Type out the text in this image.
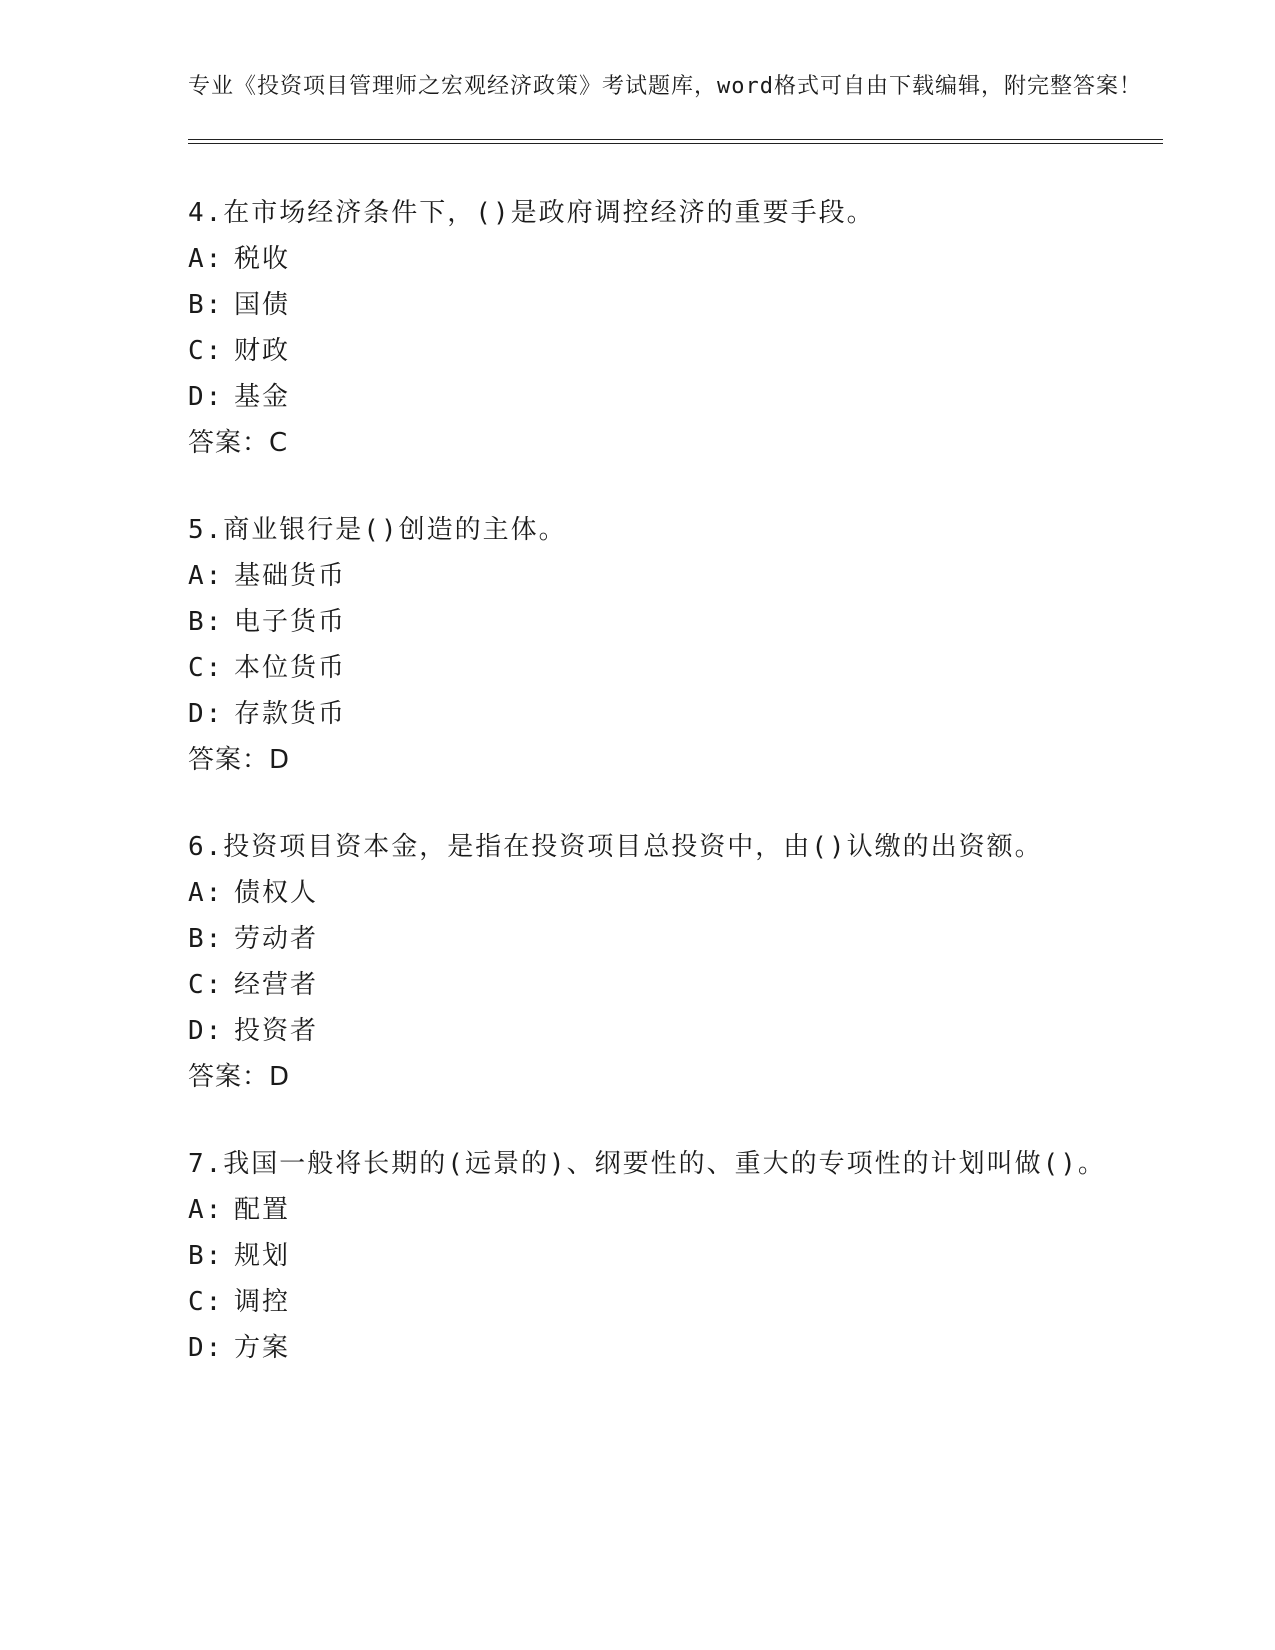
专业《投资项目管理师之宏观经济政策》考试题库，word格式可自由下载编辑，附完整答案！
4.在市场经济条件下，()是政府调控经济的重要手段。
A: 税收
B: 国债
C: 财政
D: 基金
答案：C
5.商业银行是()创造的主体。
A: 基础货币
B: 电子货币
C: 本位货币
D: 存款货币
答案：D
6.投资项目资本金，是指在投资项目总投资中，由()认缴的出资额。
A: 债权人
B: 劳动者
C: 经营者
D: 投资者
答案：D
7.我国一般将长期的(远景的)、纲要性的、重大的专项性的计划叫做()。
A: 配置
B: 规划
C: 调控
D: 方案
